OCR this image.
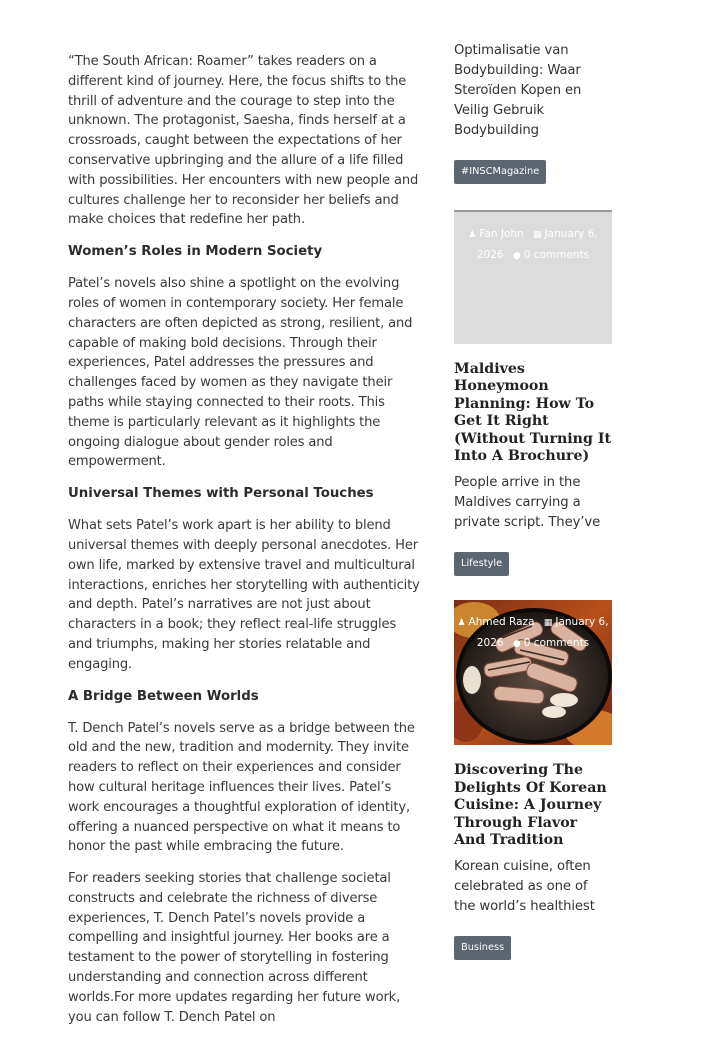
“The South African: Roamer” takes readers on a different kind of journey. Here, the focus shifts to the thrill of adventure and the courage to step into the unknown. The protagonist, Saesha, finds herself at a crossroads, caught between the expectations of her conservative upbringing and the allure of a life filled with possibilities. Her encounters with new people and cultures challenge her to reconsider her beliefs and make choices that redefine her path.

Women’s Roles in Modern Society

Patel’s novels also shine a spotlight on the evolving roles of women in contemporary society. Her female characters are often depicted as strong, resilient, and capable of making bold decisions. Through their experiences, Patel addresses the pressures and challenges faced by women as they navigate their paths while staying connected to their roots. This theme is particularly relevant as it highlights the ongoing dialogue about gender roles and empowerment.

Universal Themes with Personal Touches

What sets Patel’s work apart is her ability to blend universal themes with deeply personal anecdotes. Her own life, marked by extensive travel and multicultural interactions, enriches her storytelling with authenticity and depth. Patel’s narratives are not just about characters in a book; they reflect real-life struggles and triumphs, making her stories relatable and engaging.

A Bridge Between Worlds

T. Dench Patel’s novels serve as a bridge between the old and the new, tradition and modernity. They invite readers to reflect on their experiences and consider how cultural heritage influences their lives. Patel’s work encourages a thoughtful exploration of identity, offering a nuanced perspective on what it means to honor the past while embracing the future.

For readers seeking stories that challenge societal constructs and celebrate the richness of diverse experiences, T. Dench Patel’s novels provide a compelling and insightful journey. Her books are a testament to the power of storytelling in fostering understanding and connection across different worlds.For more updates regarding her future work, you can follow T. Dench Patel on

Optimalisatie van Bodybuilding: Waar Steroïden Kopen en Veilig Gebruik Bodybuilding

#INSCMagazine
♟ Fan John ▦ January 6, 2026 ● 0 comments
Maldives Honeymoon Planning: How To Get It Right (Without Turning It Into A Brochure)

People arrive in the Maldives carrying a private script. They’ve

Lifestyle
♟ Ahmed Raza ▦ January 6, 2026 ● 0 comments
Discovering The Delights Of Korean Cuisine: A Journey Through Flavor And Tradition

Korean cuisine, often celebrated as one of the world’s healthiest

Business
